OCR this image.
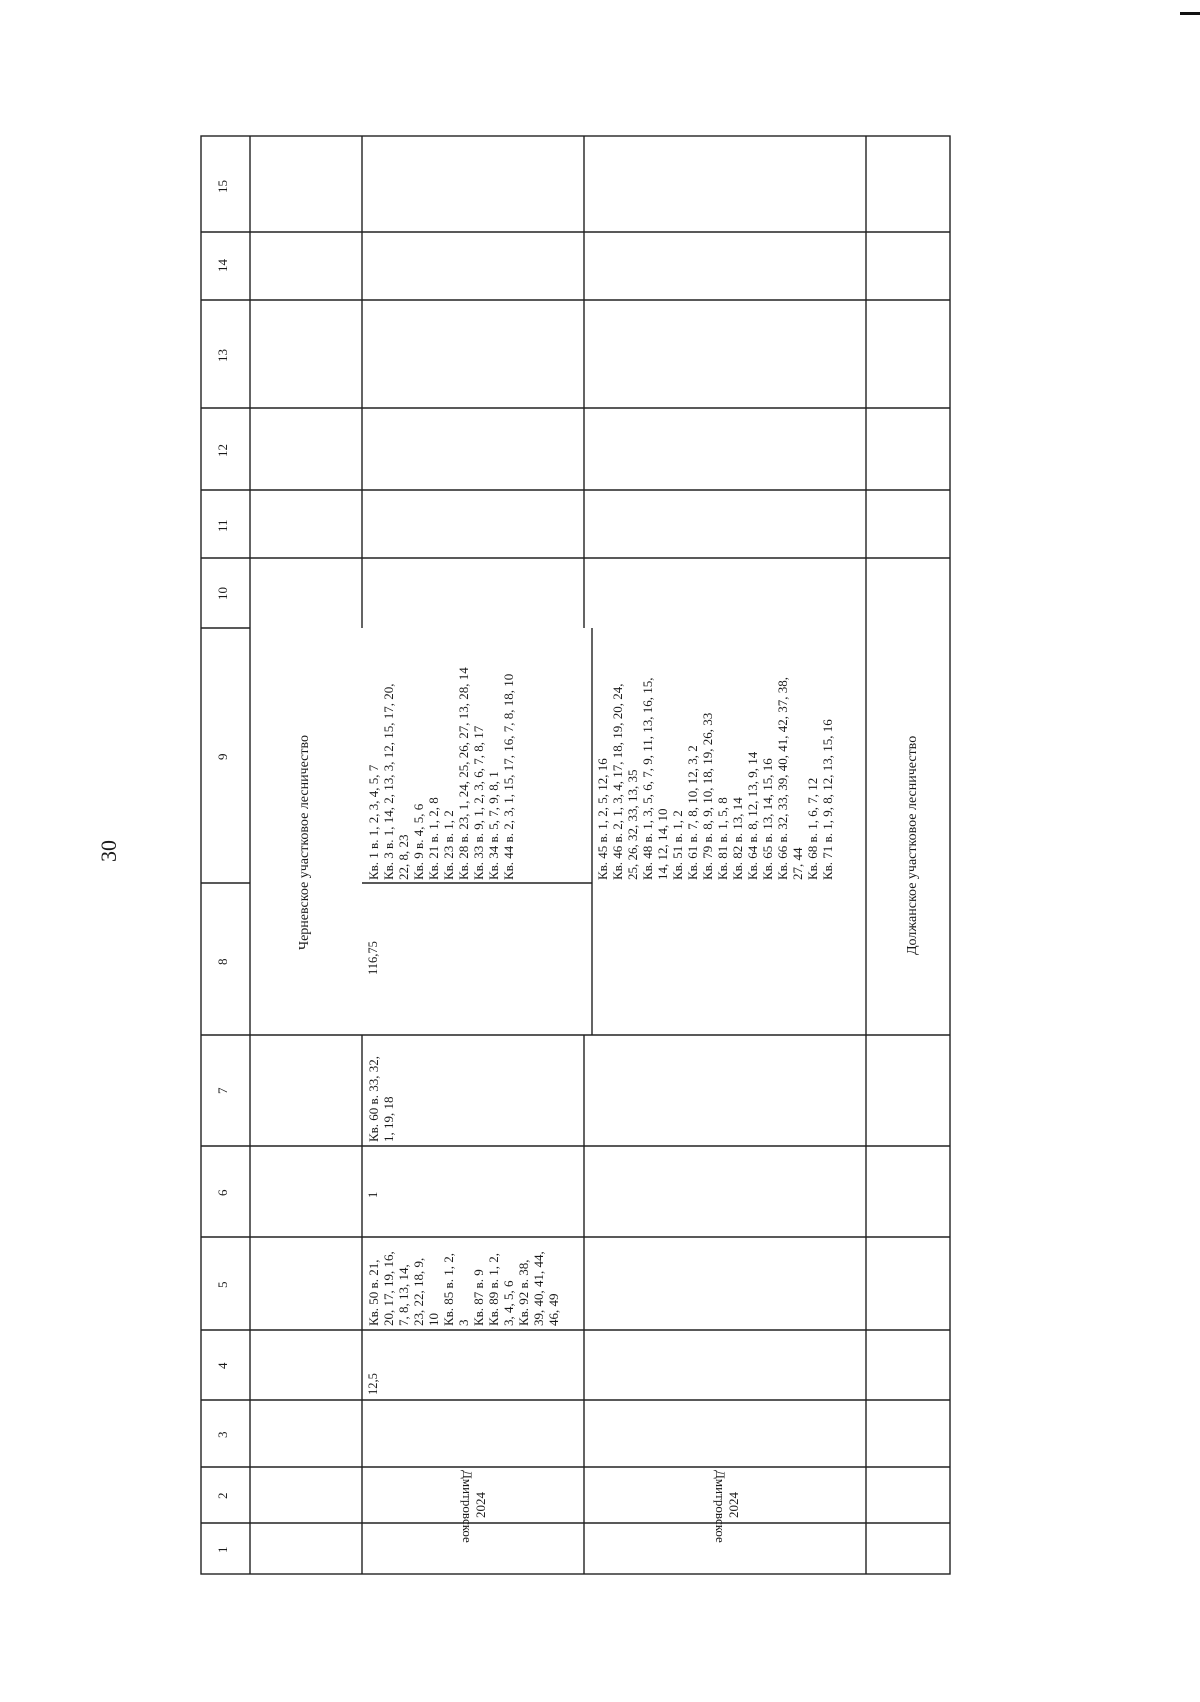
30
15
14
13
12
11
10
9
8
7
6
5
4
3
2
1
Черневское участковое лесничество	Должанское участковое лесничество
2024
Дмитровское
12,5
Кв. 50 в. 21,
20, 17, 19, 16,
7, 8, 13, 14,
23, 22, 18, 9,
10
Кв. 85 в. 1, 2,
3
Кв. 87 в. 9
Кв. 89 в. 1, 2,
3, 4, 5, 6
Кв. 92 в. 38,
39, 40, 41, 44,
46, 49
1
Кв. 60 в. 33, 32,
1, 19, 18
116,75
Кв. 1 в. 1, 2, 3, 4, 5, 7
Кв. 3 в. 1, 14, 2, 13, 3, 12, 15, 17, 20,
22, 8, 23
Кв. 9 в. 4, 5, 6
Кв. 21 в. 1, 2, 8
Кв. 23 в. 1, 2
Кв. 28 в. 23, 1, 24, 25, 26, 27, 13, 28, 14
Кв. 33 в. 9, 1, 2, 3, 6, 7, 8, 17
Кв. 34 в. 5, 7, 9, 8, 1
Кв. 44 в. 2, 3, 1, 15, 17, 16, 7, 8, 18, 10
2024
Дмитровское
Кв. 45 в. 1, 2, 5, 12, 16
Кв. 46 в. 2, 1, 3, 4, 17, 18, 19, 20, 24,
25, 26, 32, 33, 13, 35
Кв. 48 в. 1, 3, 5, 6, 7, 9, 11, 13, 16, 15,
14, 12, 14, 10
Кв. 51 в. 1, 2
Кв. 61 в. 7, 8, 10, 12, 3, 2
Кв. 79 в. 8, 9, 10, 18, 19, 26, 33
Кв. 81 в. 1, 5, 8
Кв. 82 в. 13, 14
Кв. 64 в. 8, 12, 13, 9, 14
Кв. 65 в. 13, 14, 15, 16
Кв. 66 в. 32, 33, 39, 40, 41, 42, 37, 38,
27, 44
Кв. 68 в. 1, 6, 7, 12
Кв. 71 в. 1, 9, 8, 12, 13, 15, 16
